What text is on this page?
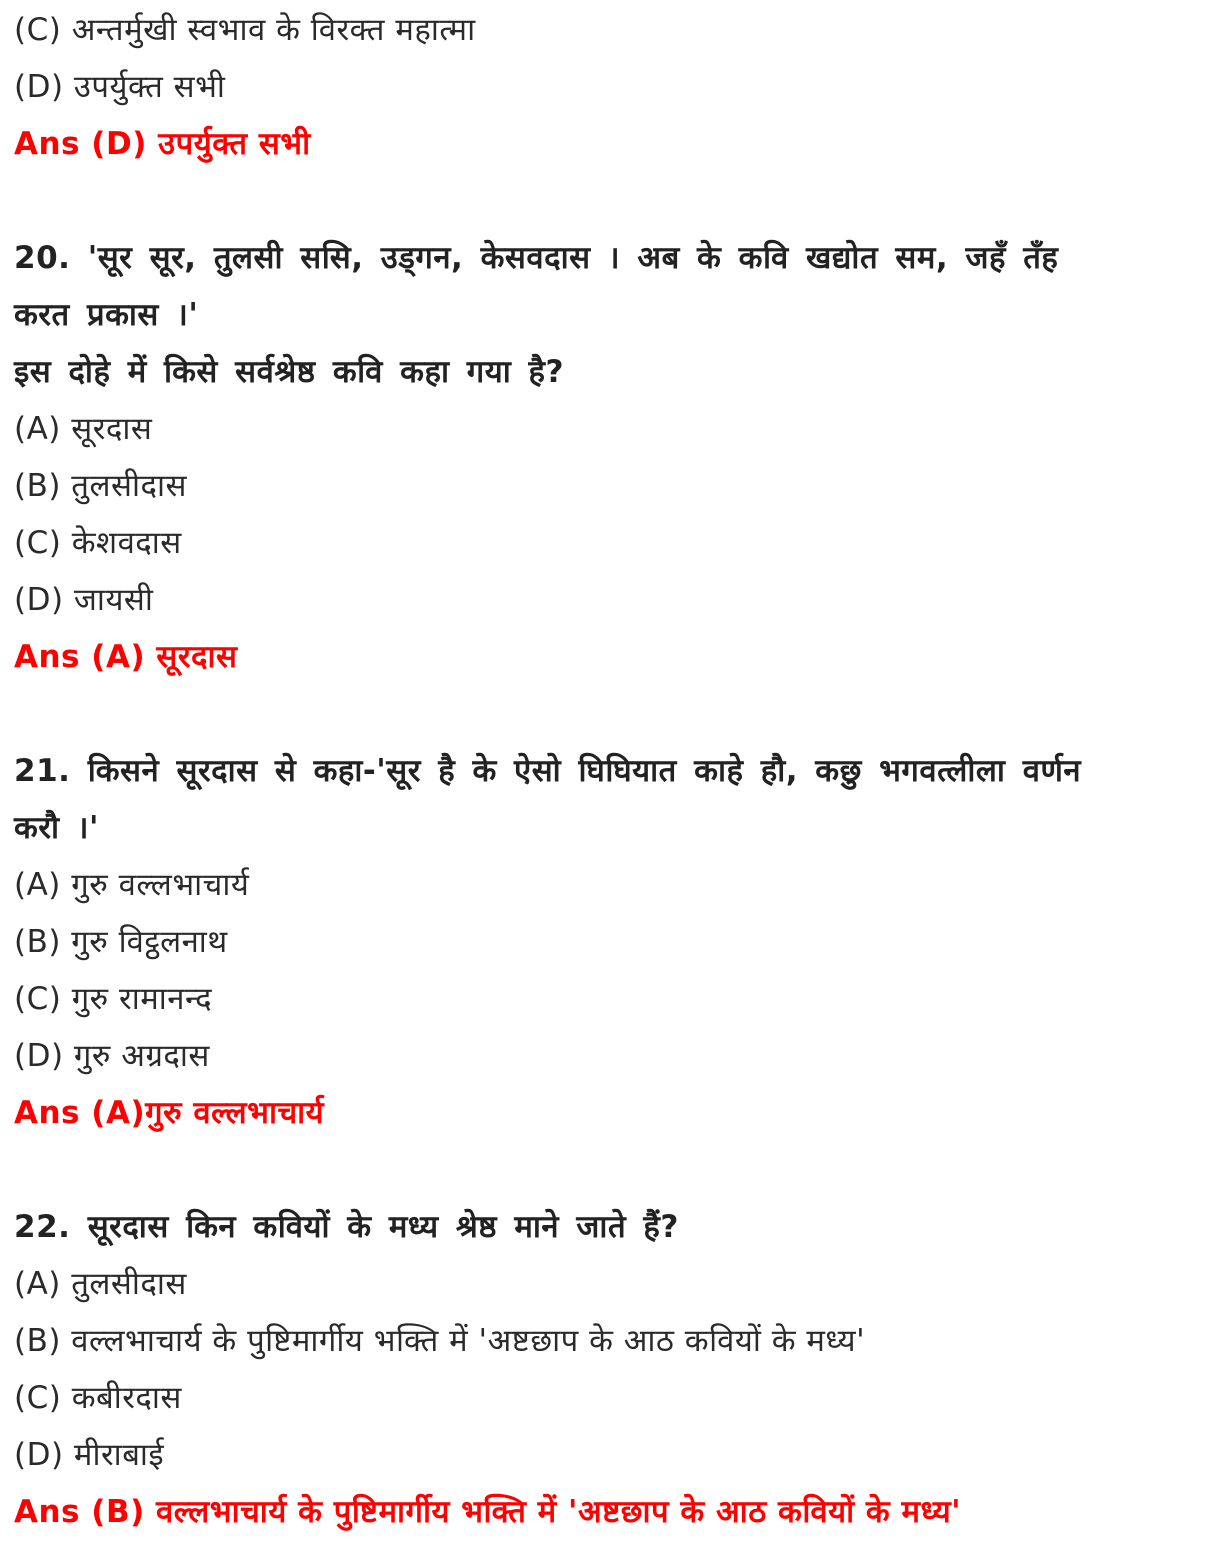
(C) अन्तर्मुखी स्वभाव के विरक्त महात्मा
(D) उपर्युक्त सभी
Ans (D) उपर्युक्त सभी
20. 'सूर सूर, तुलसी ससि, उड्गन, केसवदास । अब के कवि खद्योत सम, जहँ तँह
करत प्रकास ।'
इस दोहे में किसे सर्वश्रेष्ठ कवि कहा गया है?
(A) सूरदास
(B) तुलसीदास
(C) केशवदास
(D) जायसी
Ans (A) सूरदास
21. किसने सूरदास से कहा-'सूर है के ऐसो घिघियात काहे हौ, कछु भगवत्लीला वर्णन
करौ ।'
(A) गुरु वल्लभाचार्य
(B) गुरु विट्ठलनाथ
(C) गुरु रामानन्द
(D) गुरु अग्रदास
Ans (A)गुरु वल्लभाचार्य
22. सूरदास किन कवियों के मध्य श्रेष्ठ माने जाते हैं?
(A) तुलसीदास
(B) वल्लभाचार्य के पुष्टिमार्गीय भक्ति में 'अष्टछाप के आठ कवियों के मध्य'
(C) कबीरदास
(D) मीराबाई
Ans (B) वल्लभाचार्य के पुष्टिमार्गीय भक्ति में 'अष्टछाप के आठ कवियों के मध्य'
